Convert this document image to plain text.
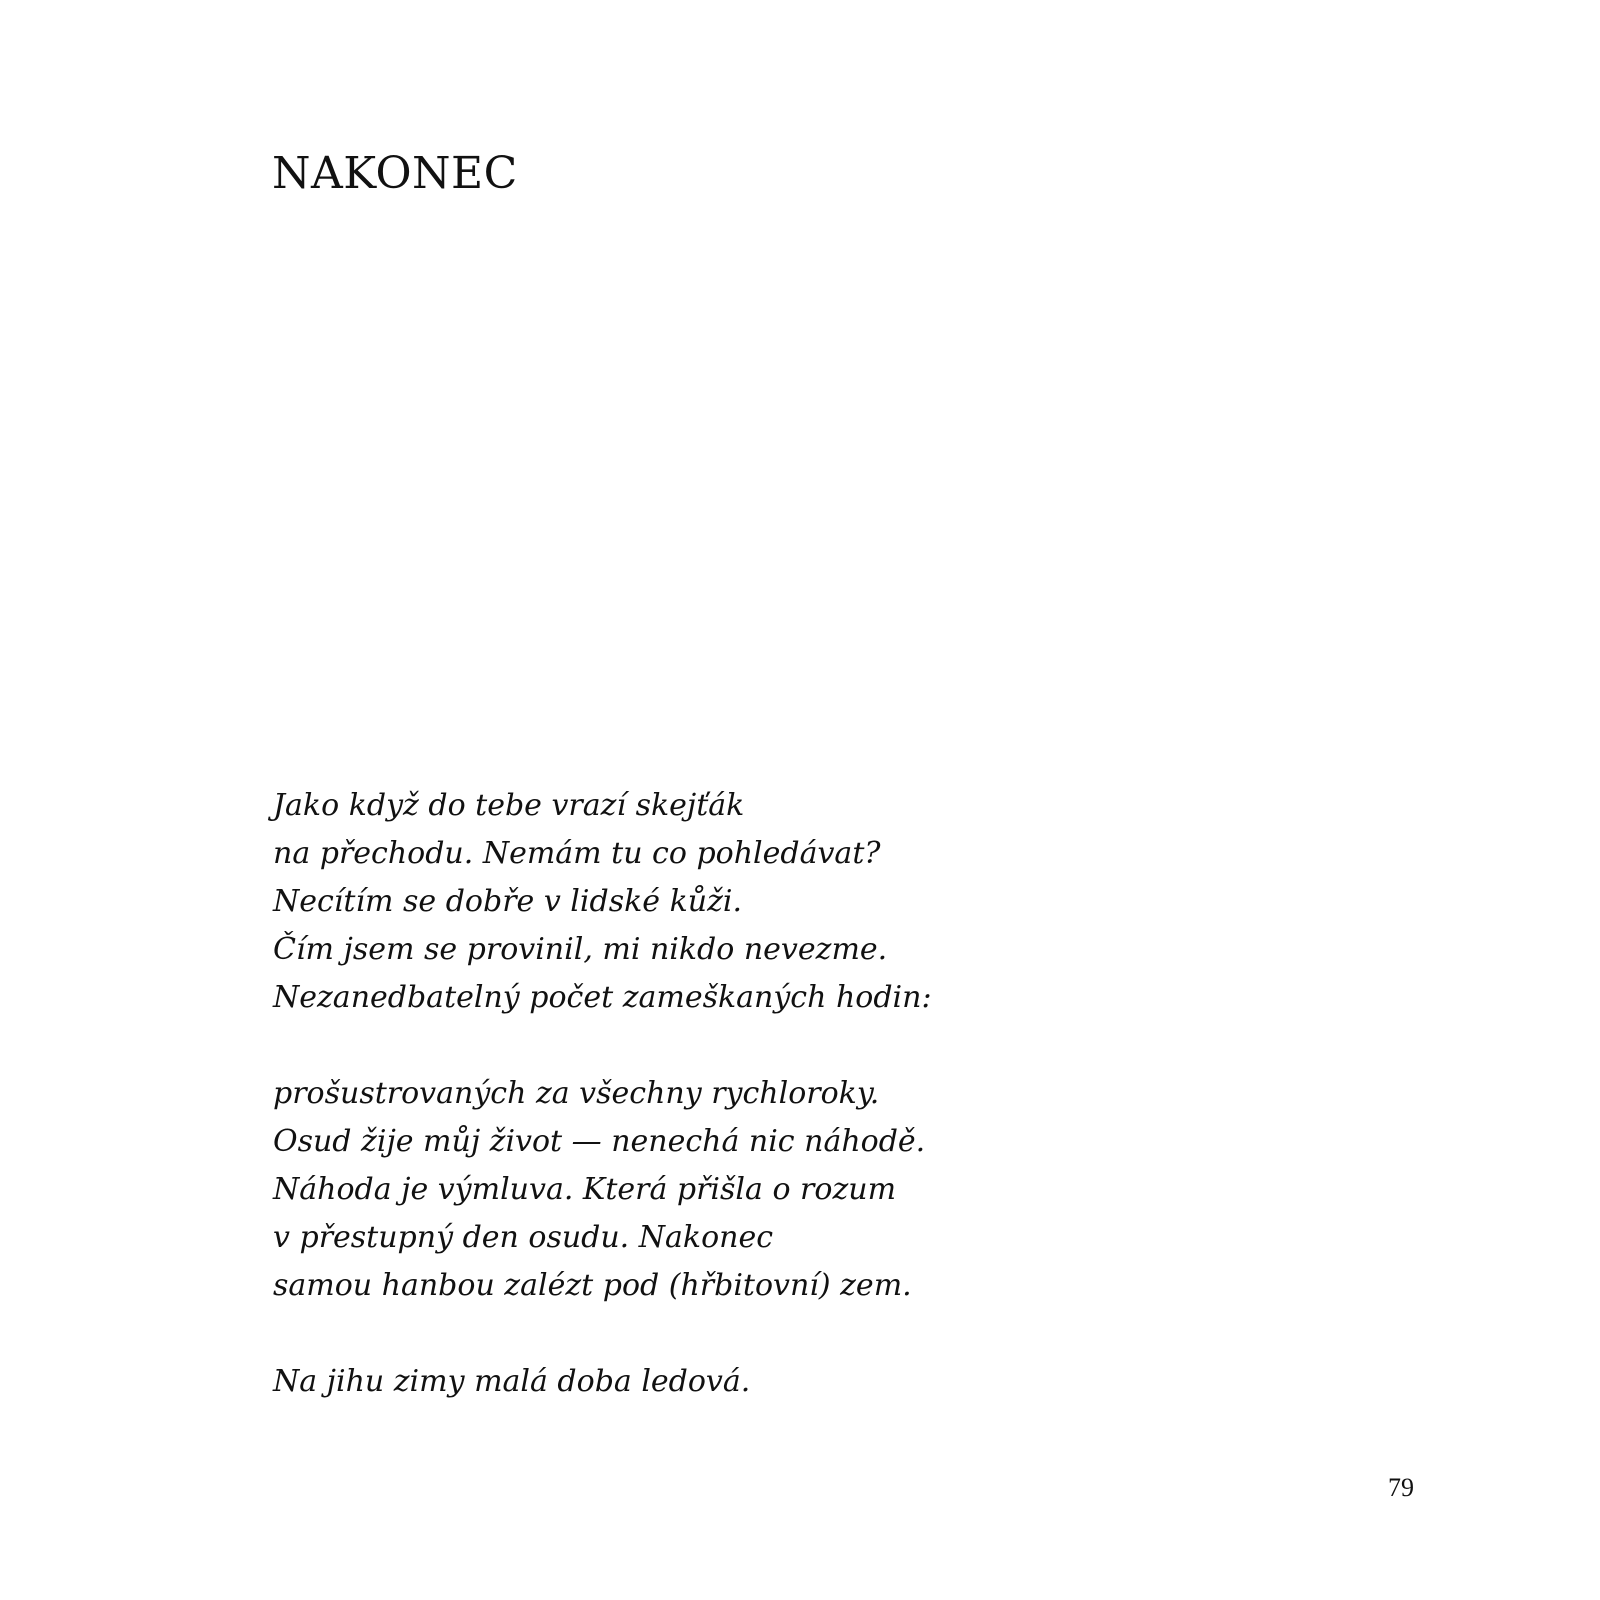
NAKONEC
Jako když do tebe vrazí skejťák
na přechodu. Nemám tu co pohledávat?
Necítím se dobře v lidské kůži.
Čím jsem se provinil, mi nikdo nevezme.
Nezanedbatelný počet zameškaných hodin:
prošustrovaných za všechny rychloroky.
Osud žije můj život — nenechá nic náhodě.
Náhoda je výmluva. Která přišla o rozum
v přestupný den osudu. Nakonec
samou hanbou zalézt pod (hřbitovní) zem.
Na jihu zimy malá doba ledová.
79
